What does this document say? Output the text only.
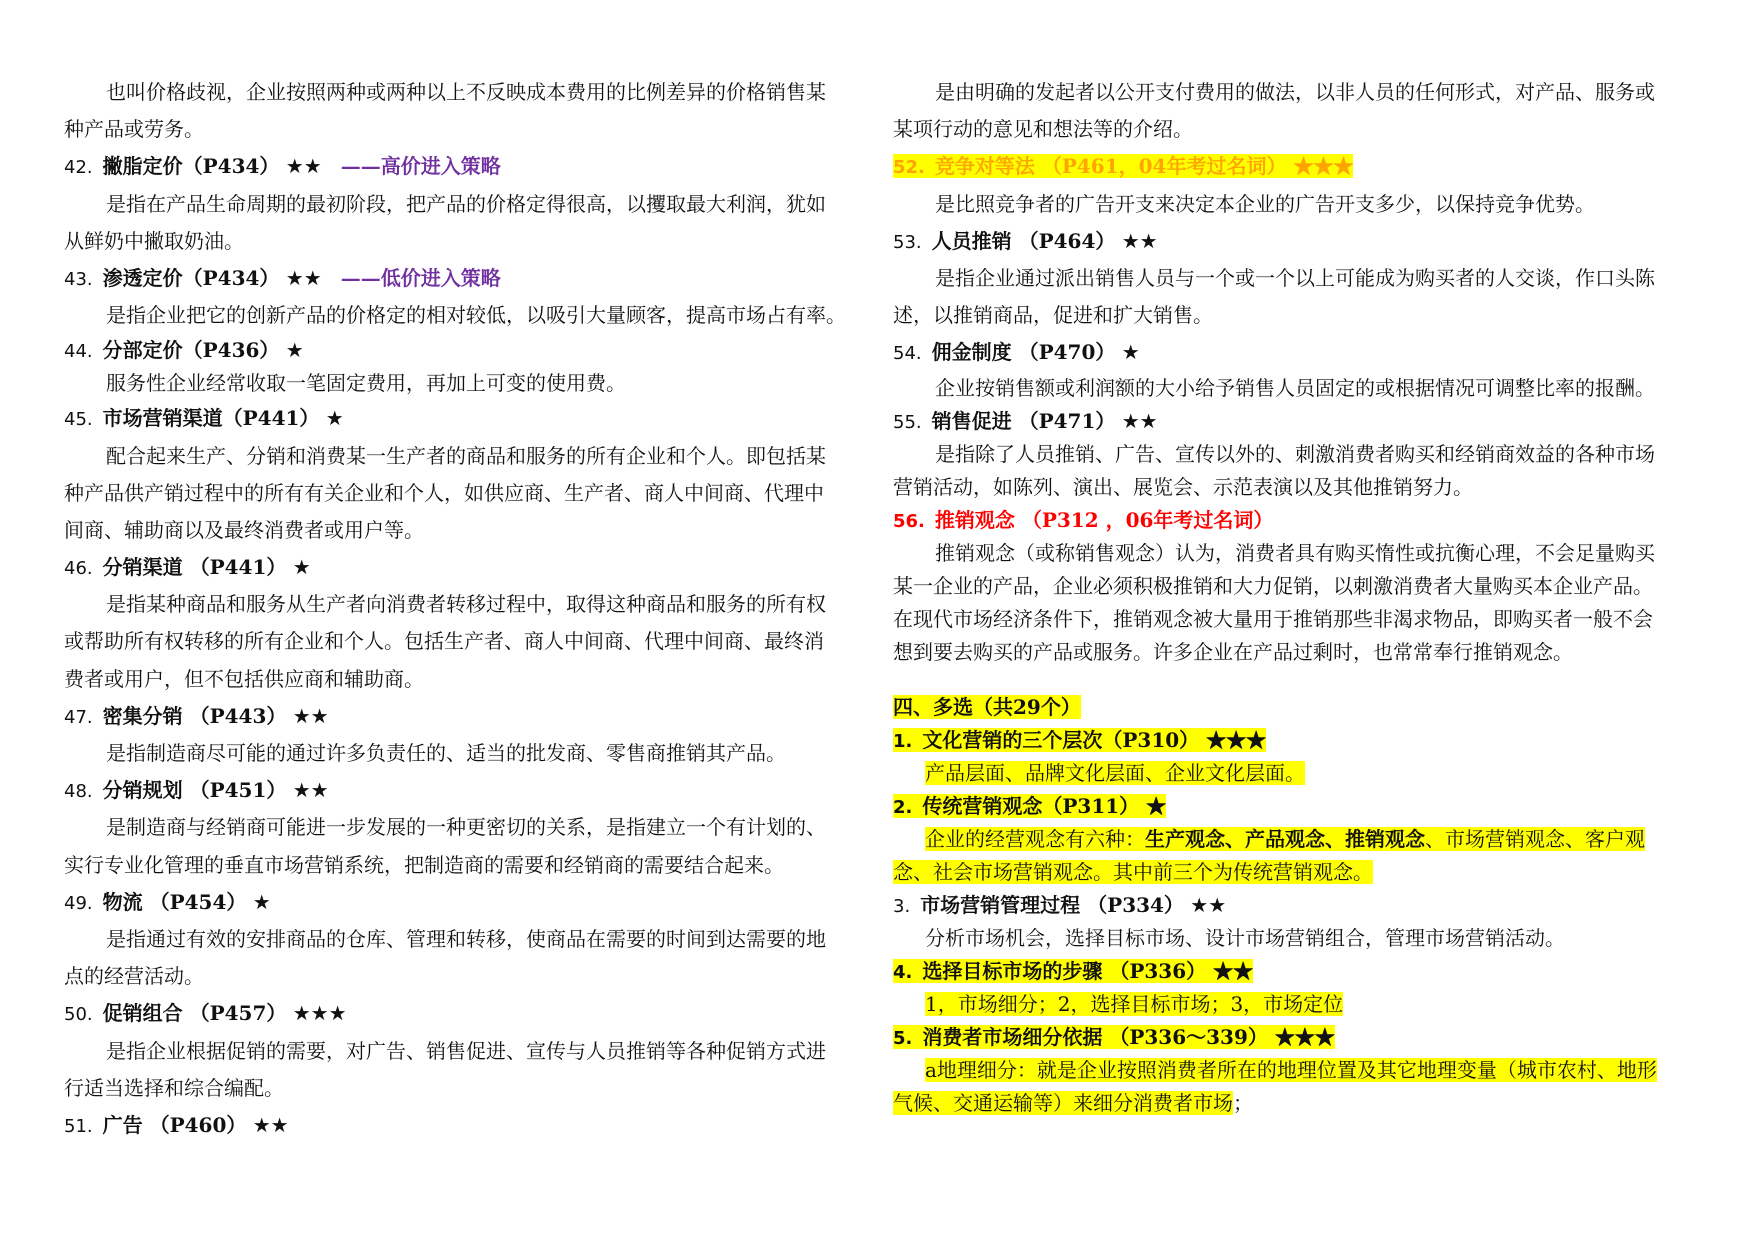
也叫价格歧视，企业按照两种或两种以上不反映成本费用的比例差异的价格销售某
种产品或劳务。
42. 撇脂定价（P434） ★★ ——高价进入策略
是指在产品生命周期的最初阶段，把产品的价格定得很高，以攫取最大利润，犹如
从鲜奶中撇取奶油。
43. 渗透定价（P434） ★★ ——低价进入策略
是指企业把它的创新产品的价格定的相对较低，以吸引大量顾客，提高市场占有率。
44. 分部定价（P436） ★
服务性企业经常收取一笔固定费用，再加上可变的使用费。
45. 市场营销渠道（P441） ★
配合起来生产、分销和消费某一生产者的商品和服务的所有企业和个人。即包括某
种产品供产销过程中的所有有关企业和个人，如供应商、生产者、商人中间商、代理中
间商、辅助商以及最终消费者或用户等。
46. 分销渠道 （P441） ★
是指某种商品和服务从生产者向消费者转移过程中，取得这种商品和服务的所有权
或帮助所有权转移的所有企业和个人。包括生产者、商人中间商、代理中间商、最终消
费者或用户，但不包括供应商和辅助商。
47. 密集分销 （P443） ★★
是指制造商尽可能的通过许多负责任的、适当的批发商、零售商推销其产品。
48. 分销规划 （P451） ★★
是制造商与经销商可能进一步发展的一种更密切的关系，是指建立一个有计划的、
实行专业化管理的垂直市场营销系统，把制造商的需要和经销商的需要结合起来。
49. 物流 （P454） ★
是指通过有效的安排商品的仓库、管理和转移，使商品在需要的时间到达需要的地
点的经营活动。
50. 促销组合 （P457） ★★★
是指企业根据促销的需要，对广告、销售促进、宣传与人员推销等各种促销方式进
行适当选择和综合编配。
51. 广告 （P460） ★★
是由明确的发起者以公开支付费用的做法，以非人员的任何形式，对产品、服务或
某项行动的意见和想法等的介绍。
52. 竞争对等法 （P461，04年考过名词） ★★★
是比照竞争者的广告开支来决定本企业的广告开支多少，以保持竞争优势。
53. 人员推销 （P464） ★★
是指企业通过派出销售人员与一个或一个以上可能成为购买者的人交谈，作口头陈
述，以推销商品，促进和扩大销售。
54. 佣金制度 （P470） ★
企业按销售额或利润额的大小给予销售人员固定的或根据情况可调整比率的报酬。
55. 销售促进 （P471） ★★
是指除了人员推销、广告、宣传以外的、刺激消费者购买和经销商效益的各种市场
营销活动，如陈列、演出、展览会、示范表演以及其他推销努力。
56. 推销观念 （P312 ，06年考过名词）
推销观念（或称销售观念）认为，消费者具有购买惰性或抗衡心理，不会足量购买
某一企业的产品，企业必须积极推销和大力促销，以刺激消费者大量购买本企业产品。
在现代市场经济条件下，推销观念被大量用于推销那些非渴求物品，即购买者一般不会
想到要去购买的产品或服务。许多企业在产品过剩时，也常常奉行推销观念。
四、多选（共29个）
1. 文化营销的三个层次（P310） ★★★
产品层面、品牌文化层面、企业文化层面。
2. 传统营销观念（P311） ★
企业的经营观念有六种：生产观念、产品观念、推销观念、市场营销观念、客户观
念、社会市场营销观念。其中前三个为传统营销观念。
3. 市场营销管理过程 （P334） ★★
分析市场机会，选择目标市场、设计市场营销组合，管理市场营销活动。
4. 选择目标市场的步骤 （P336） ★★
1，市场细分；2，选择目标市场；3，市场定位
5. 消费者市场细分依据 （P336～339） ★★★
a地理细分：就是企业按照消费者所在的地理位置及其它地理变量（城市农村、地形
气候、交通运输等）来细分消费者市场；
